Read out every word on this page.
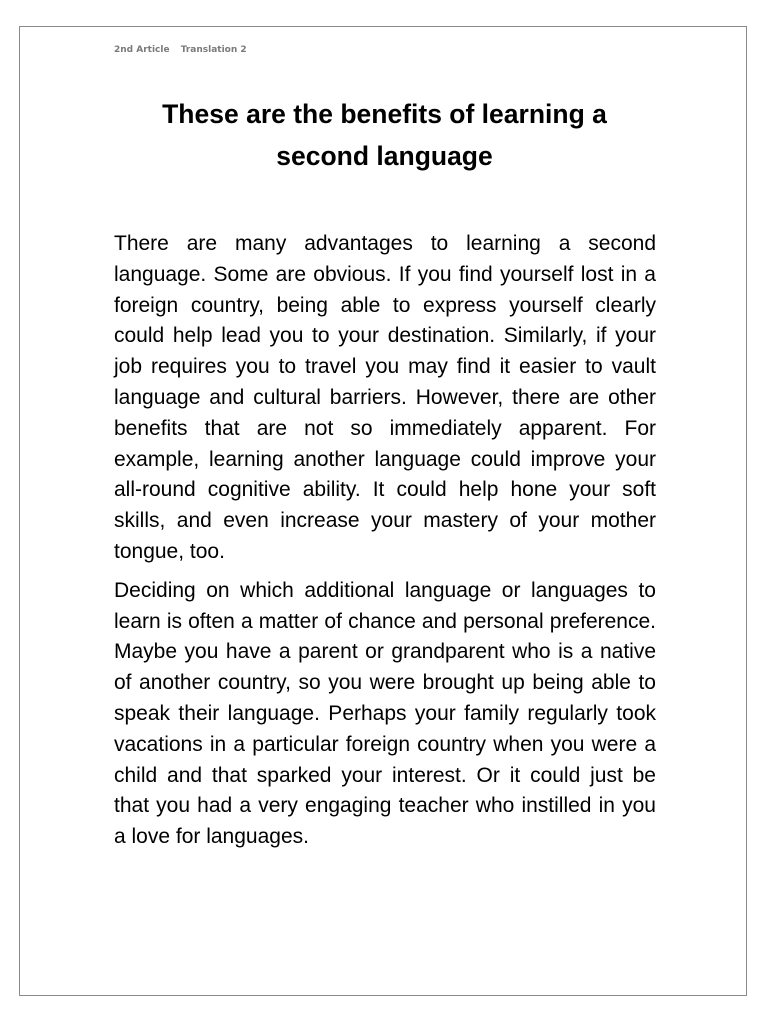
2nd Article Translation 2
These are the benefits of learning a second language

There are many advantages to learning a second language. Some are obvious. If you find yourself lost in a foreign country, being able to express yourself clearly could help lead you to your destination. Similarly, if your job requires you to travel you may find it easier to vault language and cultural barriers. However, there are other benefits that are not so immediately apparent. For example, learning another language could improve your all-round cognitive ability. It could help hone your soft skills, and even increase your mastery of your mother tongue, too.

Deciding on which additional language or languages to learn is often a matter of chance and personal preference. Maybe you have a parent or grandparent who is a native of another country, so you were brought up being able to speak their language. Perhaps your family regularly took vacations in a particular foreign country when you were a child and that sparked your interest. Or it could just be that you had a very engaging teacher who instilled in you a love for languages.
